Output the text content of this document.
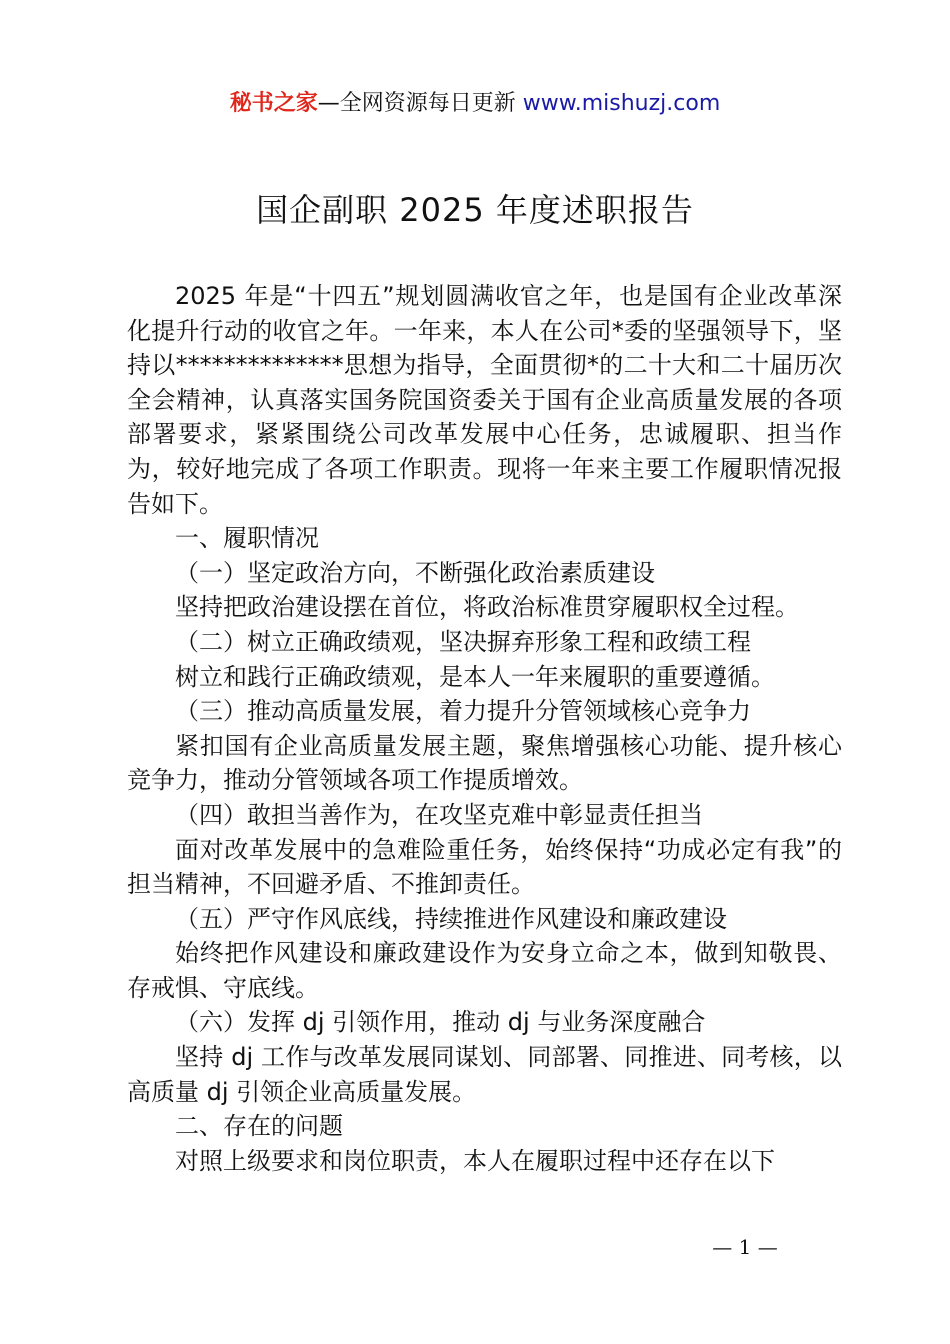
秘书之家—全网资源每日更新 www.mishuzj.com
国企副职 2025 年度述职报告

2025 年是“十四五”规划圆满收官之年，也是国有企业改革深化提升行动的收官之年。一年来，本人在公司*委的坚强领导下，坚持以**************思想为指导，全面贯彻*的二十大和二十届历次全会精神，认真落实国务院国资委关于国有企业高质量发展的各项部署要求，紧紧围绕公司改革发展中心任务，忠诚履职、担当作为，较好地完成了各项工作职责。现将一年来主要工作履职情况报告如下。

一、履职情况

（一）坚定政治方向，不断强化政治素质建设

坚持把政治建设摆在首位，将政治标准贯穿履职权全过程。

（二）树立正确政绩观，坚决摒弃形象工程和政绩工程

树立和践行正确政绩观，是本人一年来履职的重要遵循。

（三）推动高质量发展，着力提升分管领域核心竞争力

紧扣国有企业高质量发展主题，聚焦增强核心功能、提升核心竞争力，推动分管领域各项工作提质增效。

（四）敢担当善作为，在攻坚克难中彰显责任担当

面对改革发展中的急难险重任务，始终保持“功成必定有我”的担当精神，不回避矛盾、不推卸责任。

（五）严守作风底线，持续推进作风建设和廉政建设

始终把作风建设和廉政建设作为安身立命之本，做到知敬畏、存戒惧、守底线。

（六）发挥 dj 引领作用，推动 dj 与业务深度融合

坚持 dj 工作与改革发展同谋划、同部署、同推进、同考核，以高质量 dj 引领企业高质量发展。

二、存在的问题

对照上级要求和岗位职责，本人在履职过程中还存在以下

— 1 —
